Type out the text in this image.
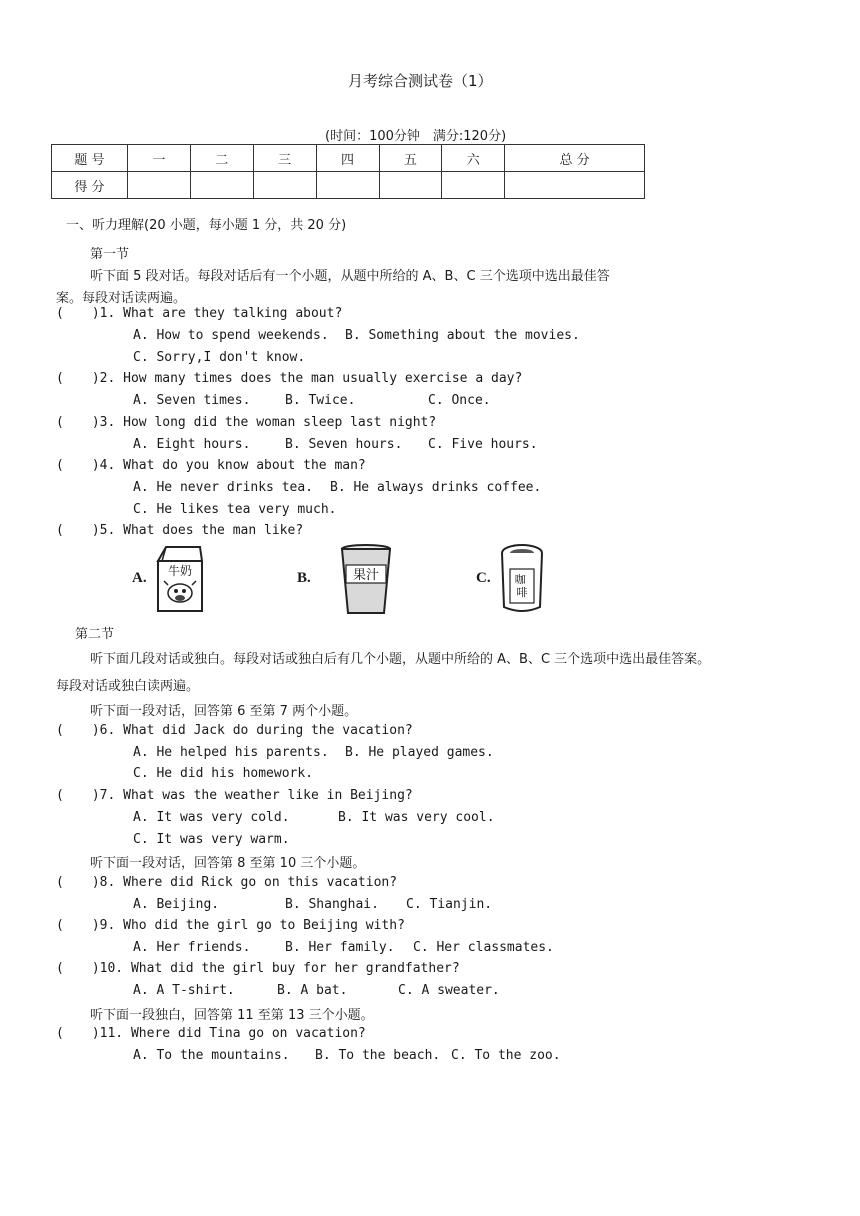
月考综合测试卷（1）
(时间：100分钟　满分:120分)
题 号	一	二	三	四	五	六	总 分
得 分							
一、听力理解(20 小题，每小题 1 分，共 20 分)
第一节
听下面 5 段对话。每段对话后有一个小题，从题中所给的 A、B、C 三个选项中选出最佳答
案。每段对话读两遍。
( )1. What are they talking about?
A. How to spend weekends. B. Something about the movies.
C. Sorry,I don't know.
( )2. How many times does the man usually exercise a day?
A. Seven times.	B. Twice.	C. Once.
( )3. How long did the woman sleep last night?
A. Eight hours.	B. Seven hours. C. Five hours.
( )4. What do you know about the man?
A. He never drinks tea. B. He always drinks coffee.
C. He likes tea very much.
( )5. What does the man like?
A. 牛奶	B.	果汁	C. 咖 啡
第二节
听下面几段对话或独白。每段对话或独白后有几个小题，从题中所给的 A、B、C 三个选项中选出最佳答案。
每段对话或独白读两遍。
听下面一段对话，回答第 6 至第 7 两个小题。
( )6. What did Jack do during the vacation?
A. He helped his parents. B. He played games.
C. He did his homework.
( )7. What was the weather like in Beijing?
A. It was very cold.	B. It was very cool.
C. It was very warm.
听下面一段对话，回答第 8 至第 10 三个小题。
( )8. Where did Rick go on this vacation?
A. Beijing.	B. Shanghai. C. Tianjin.
( )9. Who did the girl go to Beijing with?
A. Her friends.	B. Her family. C. Her classmates.
( )10. What did the girl buy for her grandfather?
A. A T-shirt.	B. A bat.	C. A sweater.
听下面一段独白，回答第 11 至第 13 三个小题。
( )11. Where did Tina go on vacation?
A. To the mountains. B. To the beach. C. To the zoo.
